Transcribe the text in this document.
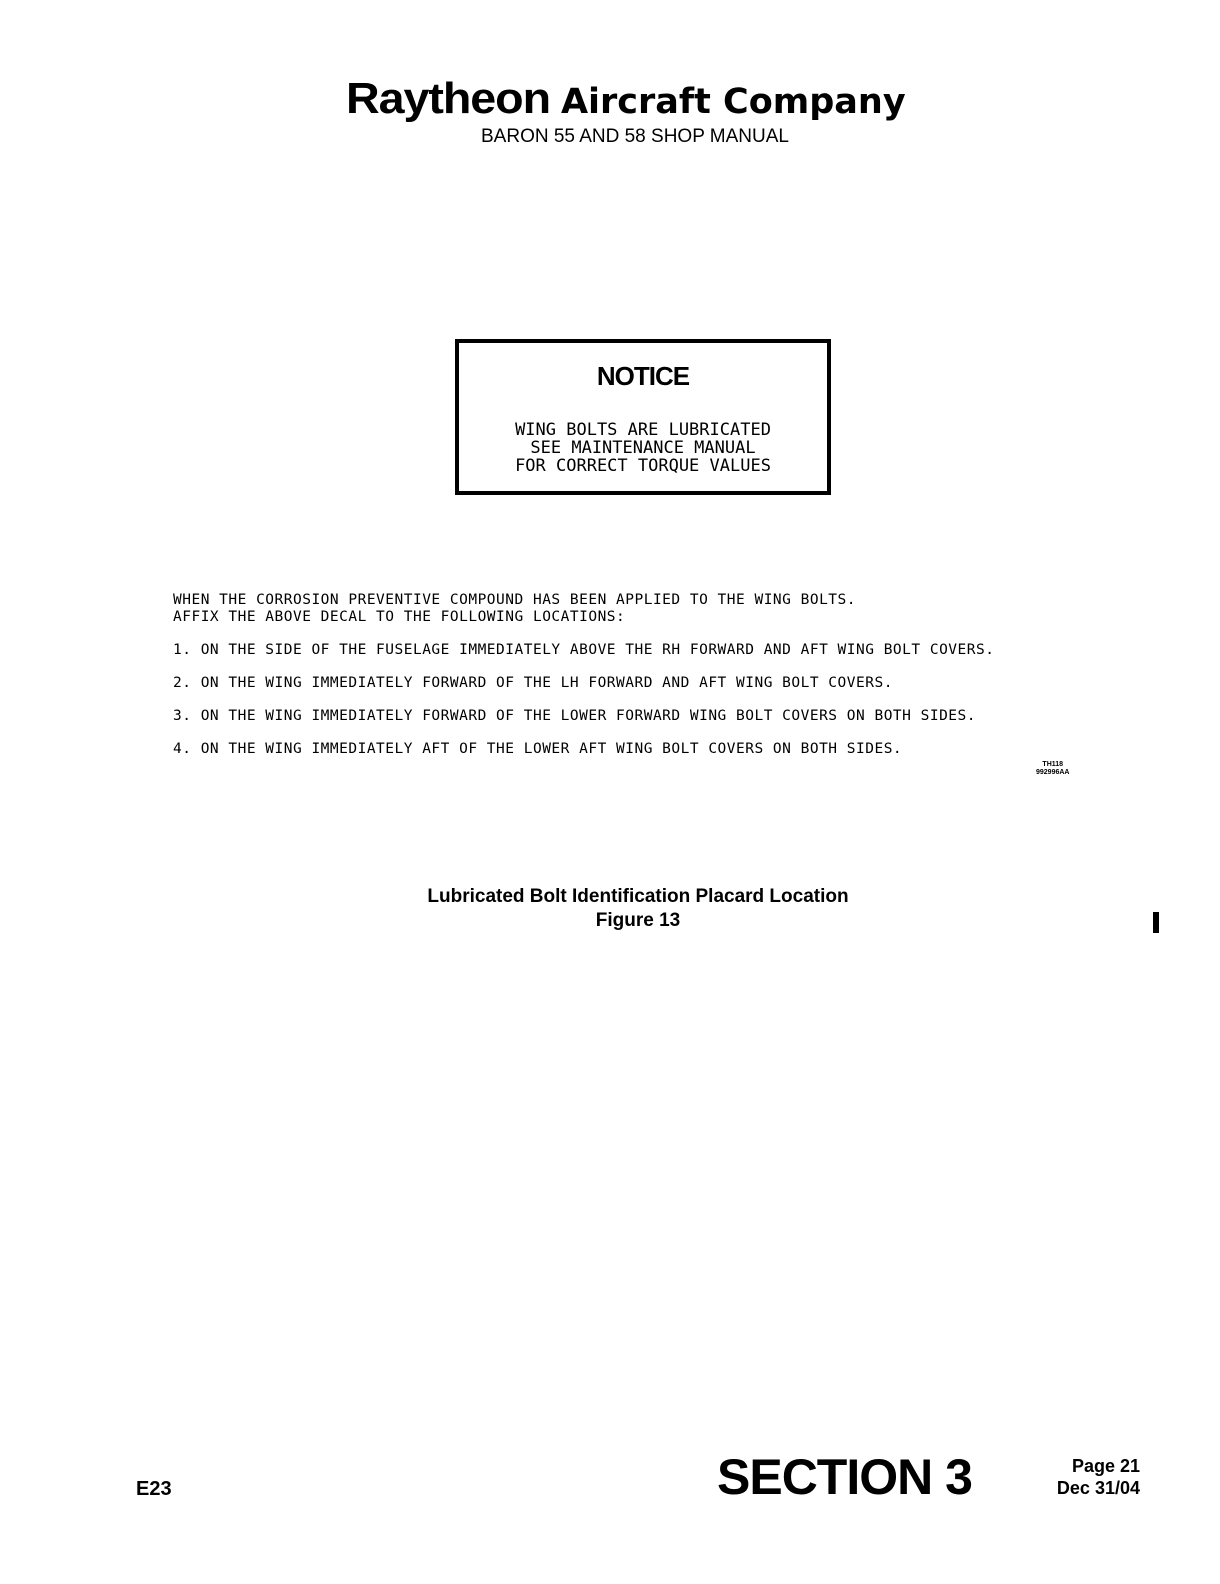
Raytheon Aircraft Company
BARON 55 AND 58 SHOP MANUAL
NOTICE
WING BOLTS ARE LUBRICATED
SEE MAINTENANCE MANUAL
FOR CORRECT TORQUE VALUES
WHEN THE CORROSION PREVENTIVE COMPOUND HAS BEEN APPLIED TO THE WING BOLTS.
AFFIX THE ABOVE DECAL TO THE FOLLOWING LOCATIONS:
1. ON THE SIDE OF THE FUSELAGE IMMEDIATELY ABOVE THE RH FORWARD AND AFT WING BOLT COVERS.
2. ON THE WING IMMEDIATELY FORWARD OF THE LH FORWARD AND AFT WING BOLT COVERS.
3. ON THE WING IMMEDIATELY FORWARD OF THE LOWER FORWARD WING BOLT COVERS ON BOTH SIDES.
4. ON THE WING IMMEDIATELY AFT OF THE LOWER AFT WING BOLT COVERS ON BOTH SIDES.
TH118
992996AA
Lubricated Bolt Identification Placard Location
Figure 13
E23	SECTION 3	Page 21
Dec 31/04
